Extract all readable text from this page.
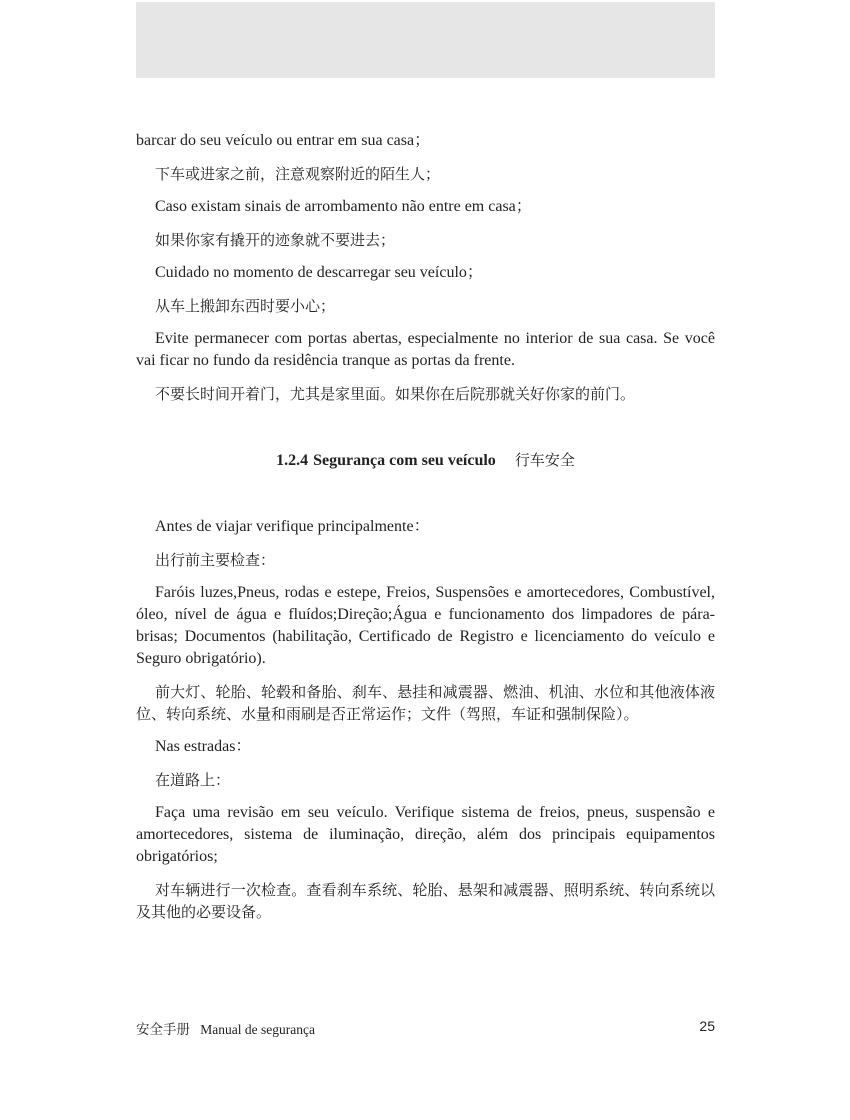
barcar do seu veículo ou entrar em sua casa；

下车或进家之前，注意观察附近的陌生人；

Caso existam sinais de arrombamento não entre em casa；

如果你家有撬开的迹象就不要进去；

Cuidado no momento de descarregar seu veículo；

从车上搬卸东西时要小心；

Evite permanecer com portas abertas, especialmente no interior de sua casa. Se você vai ficar no fundo da residência tranque as portas da frente.

不要长时间开着门，尤其是家里面。如果你在后院那就关好你家的前门。

1.2.4 Segurança com seu veículo 行车安全

Antes de viajar verifique principalmente：

出行前主要检查：

Faróis luzes,Pneus, rodas e estepe, Freios, Suspensões e amortecedores, Combustível, óleo, nível de água e fluídos;Direção;Água e funcionamento dos limpadores de pára-brisas; Documentos (habilitação, Certificado de Registro e licenciamento do veículo e Seguro obrigatório).

前大灯、轮胎、轮毂和备胎、刹车、悬挂和减震器、燃油、机油、水位和其他液体液位、转向系统、水量和雨刷是否正常运作；文件（驾照，车证和强制保险）。

Nas estradas：

在道路上：

Faça uma revisão em seu veículo. Verifique sistema de freios, pneus, suspensão e amortecedores, sistema de iluminação, direção, além dos principais equipamentos obrigatórios;

对车辆进行一次检查。查看刹车系统、轮胎、悬架和减震器、照明系统、转向系统以及其他的必要设备。

安全手册 Manual de segurança	25
